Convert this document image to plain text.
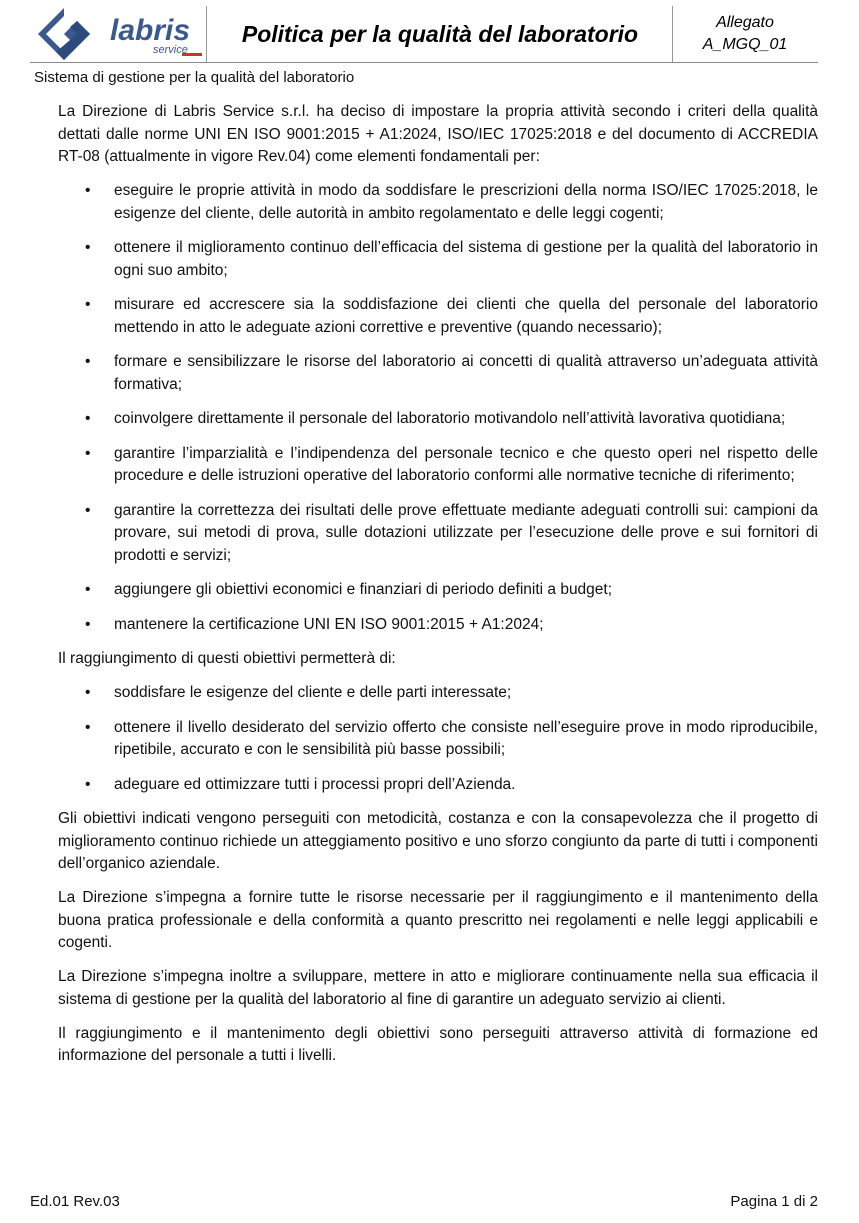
labris
service
Politica per la qualità del laboratorio	Allegato
A_MGQ_01
Sistema di gestione per la qualità del laboratorio

La Direzione di Labris Service s.r.l. ha deciso di impostare la propria attività secondo i criteri della qualità dettati dalle norme UNI EN ISO 9001:2015 + A1:2024, ISO/IEC 17025:2018 e del documento di ACCREDIA RT-08 (attualmente in vigore Rev.04) come elementi fondamentali per:

• eseguire le proprie attività in modo da soddisfare le prescrizioni della norma ISO/IEC 17025:2018, le esigenze del cliente, delle autorità in ambito regolamentato e delle leggi cogenti;
• ottenere il miglioramento continuo dell’efficacia del sistema di gestione per la qualità del laboratorio in ogni suo ambito;
• misurare ed accrescere sia la soddisfazione dei clienti che quella del personale del laboratorio mettendo in atto le adeguate azioni correttive e preventive (quando necessario);
• formare e sensibilizzare le risorse del laboratorio ai concetti di qualità attraverso un’adeguata attività formativa;
• coinvolgere direttamente il personale del laboratorio motivandolo nell’attività lavorativa quotidiana;
• garantire l’imparzialità e l’indipendenza del personale tecnico e che questo operi nel rispetto delle procedure e delle istruzioni operative del laboratorio conformi alle normative tecniche di riferimento;
• garantire la correttezza dei risultati delle prove effettuate mediante adeguati controlli sui: campioni da provare, sui metodi di prova, sulle dotazioni utilizzate per l’esecuzione delle prove e sui fornitori di prodotti e servizi;
• aggiungere gli obiettivi economici e finanziari di periodo definiti a budget;
• mantenere la certificazione UNI EN ISO 9001:2015 + A1:2024;

Il raggiungimento di questi obiettivi permetterà di:

• soddisfare le esigenze del cliente e delle parti interessate;
• ottenere il livello desiderato del servizio offerto che consiste nell’eseguire prove in modo riproducibile, ripetibile, accurato e con le sensibilità più basse possibili;
• adeguare ed ottimizzare tutti i processi propri dell’Azienda.

Gli obiettivi indicati vengono perseguiti con metodicità, costanza e con la consapevolezza che il progetto di miglioramento continuo richiede un atteggiamento positivo e uno sforzo congiunto da parte di tutti i componenti dell’organico aziendale.

La Direzione s’impegna a fornire tutte le risorse necessarie per il raggiungimento e il mantenimento della buona pratica professionale e della conformità a quanto prescritto nei regolamenti e nelle leggi applicabili e cogenti.

La Direzione s’impegna inoltre a sviluppare, mettere in atto e migliorare continuamente nella sua efficacia il sistema di gestione per la qualità del laboratorio al fine di garantire un adeguato servizio ai clienti.

Il raggiungimento e il mantenimento degli obiettivi sono perseguiti attraverso attività di formazione ed informazione del personale a tutti i livelli.

Ed.01 Rev.03	Pagina 1 di 2
